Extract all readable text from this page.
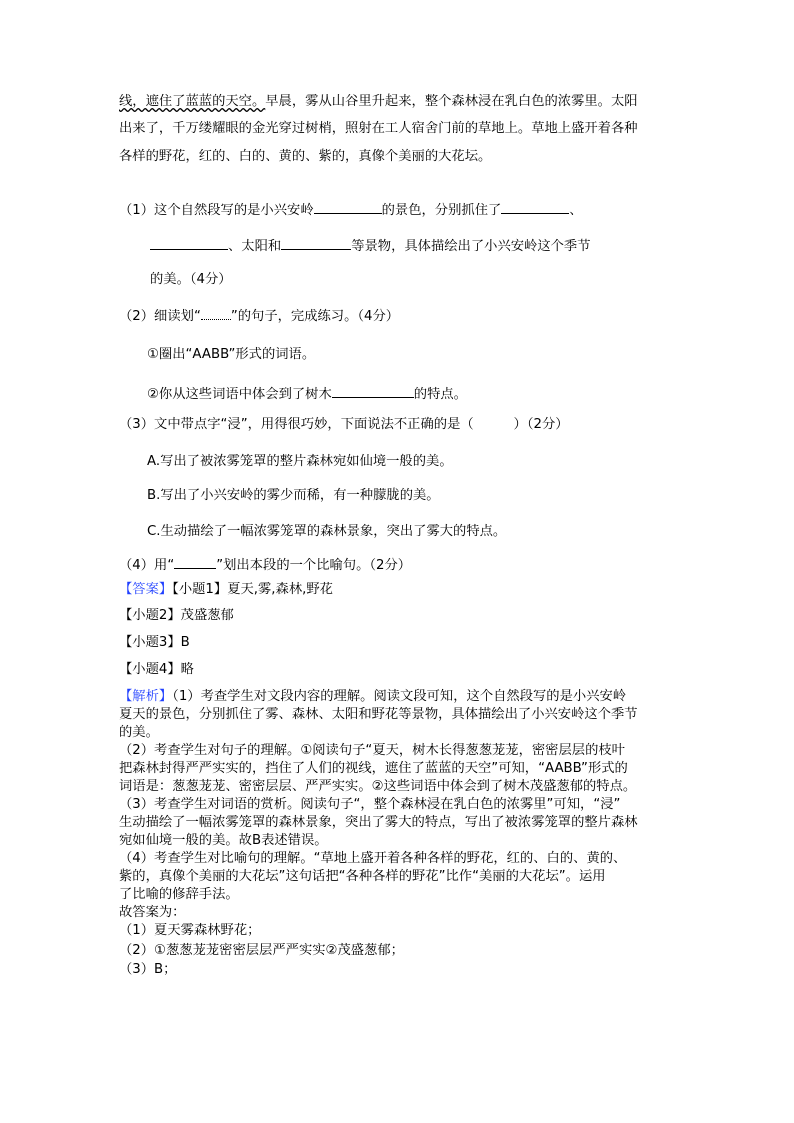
线，遮住了蓝蓝的天空。早晨，雾从山谷里升起来，整个森林浸在乳白色的浓雾里。太阳
出来了，千万缕耀眼的金光穿过树梢，照射在工人宿舍门前的草地上。草地上盛开着各种
各样的野花，红的、白的、黄的、紫的，真像个美丽的大花坛。
（1）这个自然段写的是小兴安岭	的景色，分别抓住了	、
、太阳和	等景物，具体描绘出了小兴安岭这个季节
的美。（4分）
（2）细读划“ ”的句子，完成练习。（4分）
①圈出“AABB”形式的词语。
②你从这些词语中体会到了树木	的特点。
（3）文中带点字“浸”，用得很巧妙，下面说法不正确的是（　　　）（2分）
A.写出了被浓雾笼罩的整片森林宛如仙境一般的美。
B.写出了小兴安岭的雾少而稀，有一种朦胧的美。
C.生动描绘了一幅浓雾笼罩的森林景象，突出了雾大的特点。
（4）用“	”划出本段的一个比喻句。（2分）
【答案】【小题1】夏天,雾,森林,野花
【小题2】茂盛葱郁
【小题3】B
【小题4】略
【解析】（1）考查学生对文段内容的理解。阅读文段可知，这个自然段写的是小兴安岭
夏天的景色，分别抓住了雾、森林、太阳和野花等景物，具体描绘出了小兴安岭这个季节
的美。
（2）考查学生对句子的理解。①阅读句子“夏天，树木长得葱葱茏茏，密密层层的枝叶
把森林封得严严实实的，挡住了人们的视线，遮住了蓝蓝的天空”可知，“AABB”形式的
词语是：葱葱茏茏、密密层层、严严实实。②这些词语中体会到了树木茂盛葱郁的特点。
（3）考查学生对词语的赏析。阅读句子“，整个森林浸在乳白色的浓雾里”可知，“浸”
生动描绘了一幅浓雾笼罩的森林景象，突出了雾大的特点，写出了被浓雾笼罩的整片森林
宛如仙境一般的美。故B表述错误。
（4）考查学生对比喻句的理解。“草地上盛开着各种各样的野花，红的、白的、黄的、
紫的，真像个美丽的大花坛”这句话把“各种各样的野花”比作“美丽的大花坛”。运用
了比喻的修辞手法。
故答案为：
（1）夏天雾森林野花；
（2）①葱葱茏茏密密层层严严实实②茂盛葱郁；
（3）B；
